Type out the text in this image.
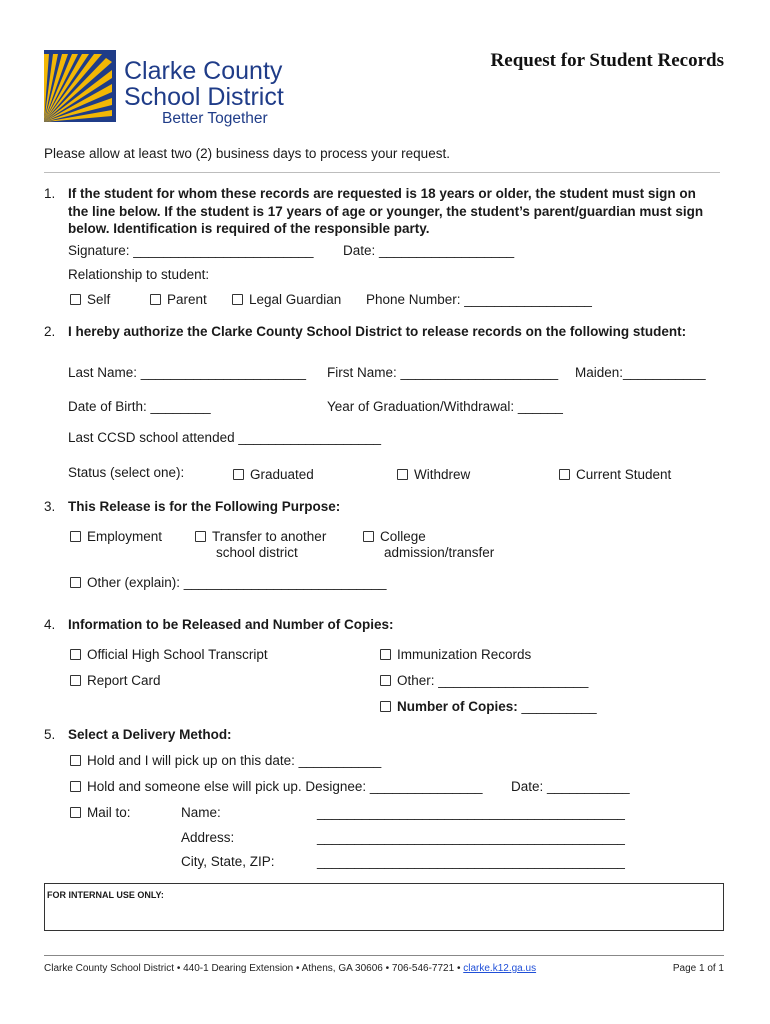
Clarke County
School District
Better Together
Request for Student Records
Please allow at least two (2) business days to process your request.
1. If the student for whom these records are requested is 18 years or older, the student must sign on
the line below. If the student is 17 years of age or younger, the student’s parent/guardian must sign
below. Identification is required of the responsible party.
Signature: ________________________ Date: __________________
Relationship to student:
Self	Parent	Legal Guardian Phone Number: _________________
2. I hereby authorize the Clarke County School District to release records on the following student:
Last Name: ______________________ First Name: _____________________ Maiden:___________
Date of Birth: ________	Year of Graduation/Withdrawal: ______
Last CCSD school attended ___________________
Status (select one):	Graduated	Withdrew	Current Student
3. This Release is for the Following Purpose:
Employment	Transfer to another
school district
College
admission/transfer
Other (explain): ___________________________
4. Information to be Released and Number of Copies:
Official High School Transcript	Immunization Records
Report Card	Other: ____________________
Number of Copies: __________
5. Select a Delivery Method:
Hold and I will pick up on this date: ___________
Hold and someone else will pick up. Designee: _______________ Date: ___________
Mail to:	Name:	_________________________________________
Address:	_________________________________________
City, State, ZIP:	_________________________________________
FOR INTERNAL USE ONLY:
Clarke County School District • 440-1 Dearing Extension • Athens, GA 30606 • 706-546-7721 • clarke.k12.ga.us	Page 1 of 1
